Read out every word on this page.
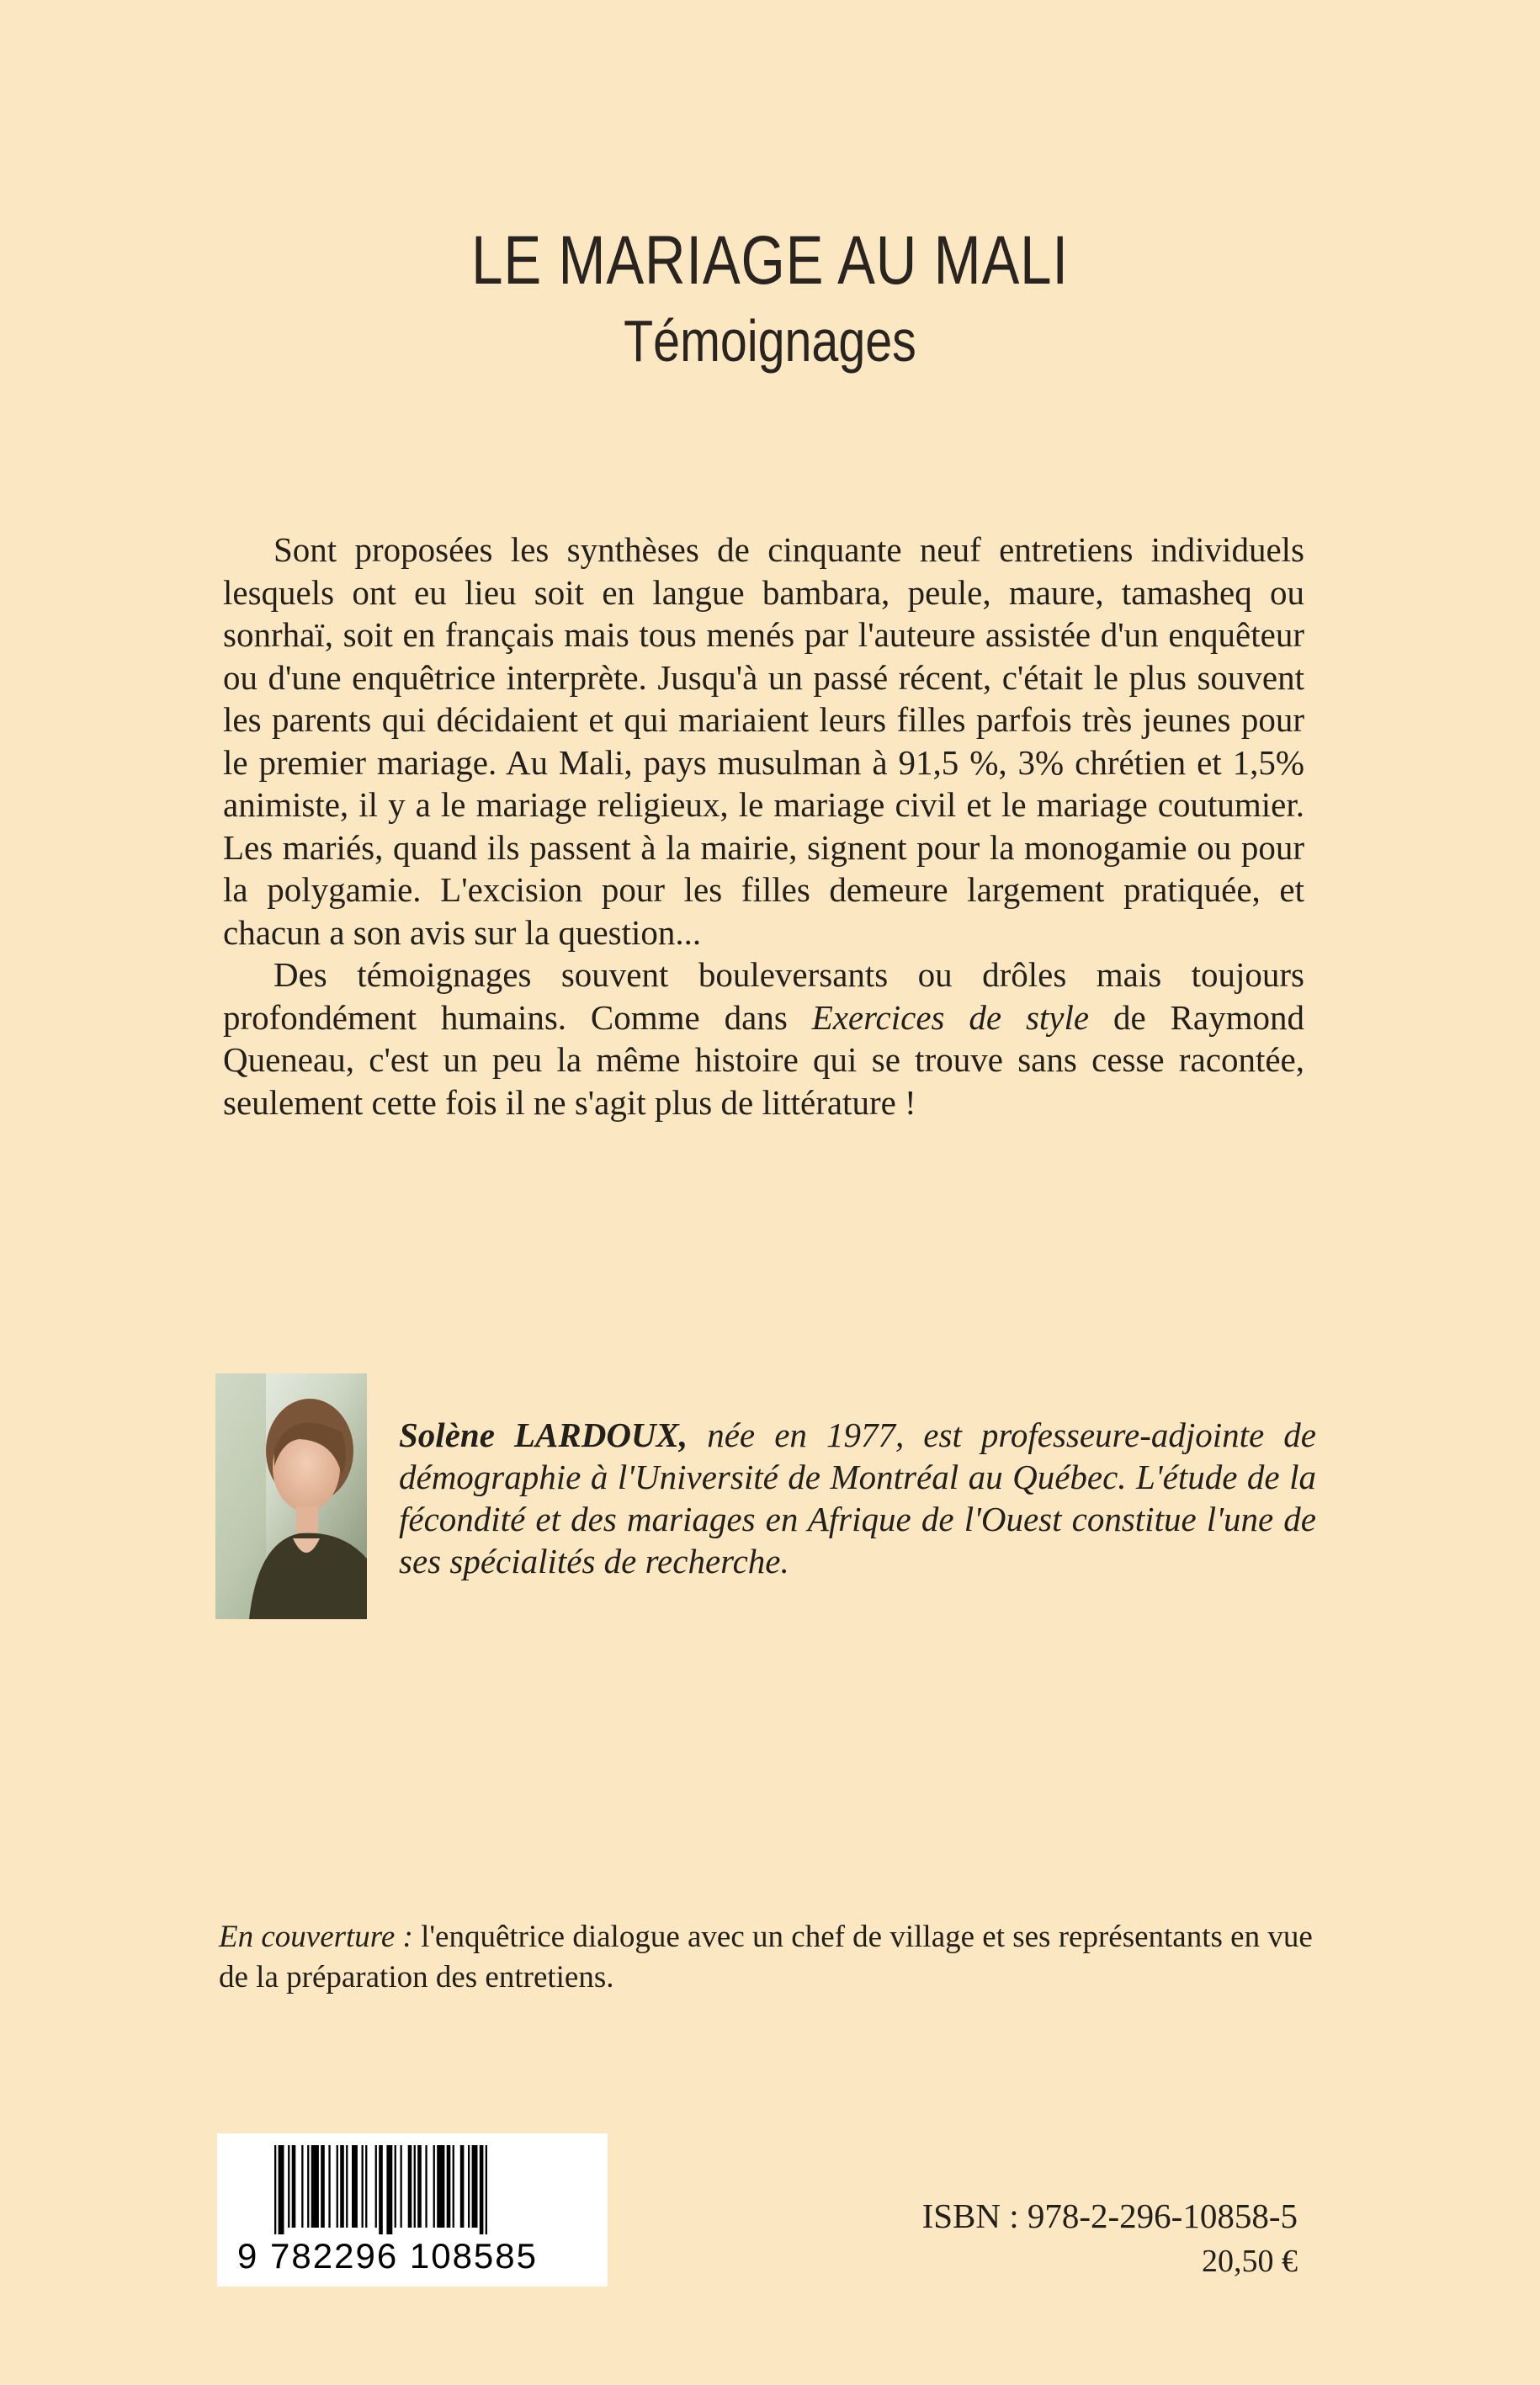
LE MARIAGE AU MALI
Témoignages

Sont proposées les synthèses de cinquante neuf entretiens individuels lesquels ont eu lieu soit en langue bambara, peule, maure, tamasheq ou sonrhaï, soit en français mais tous menés par l'auteure assistée d'un enquêteur ou d'une enquêtrice interprète. Jusqu'à un passé récent, c'était le plus souvent les parents qui décidaient et qui mariaient leurs filles parfois très jeunes pour le premier mariage. Au Mali, pays musulman à 91,5 %, 3% chrétien et 1,5% animiste, il y a le mariage religieux, le mariage civil et le mariage coutumier. Les mariés, quand ils passent à la mairie, signent pour la monogamie ou pour la polygamie. L'excision pour les filles demeure largement pratiquée, et chacun a son avis sur la question...

Des témoignages souvent bouleversants ou drôles mais toujours profondément humains. Comme dans Exercices de style de Raymond Queneau, c'est un peu la même histoire qui se trouve sans cesse racontée, seulement cette fois il ne s'agit plus de littérature !

Solène LARDOUX, née en 1977, est professeure-adjointe de démographie à l'Université de Montréal au Québec. L'étude de la fécondité et des mariages en Afrique de l'Ouest constitue l'une de ses spécialités de recherche.
En couverture : l'enquêtrice dialogue avec un chef de village et ses représentants en vue de la préparation des entretiens.
9 782296 108585
ISBN : 978-2-296-10858-5
20,50 €
